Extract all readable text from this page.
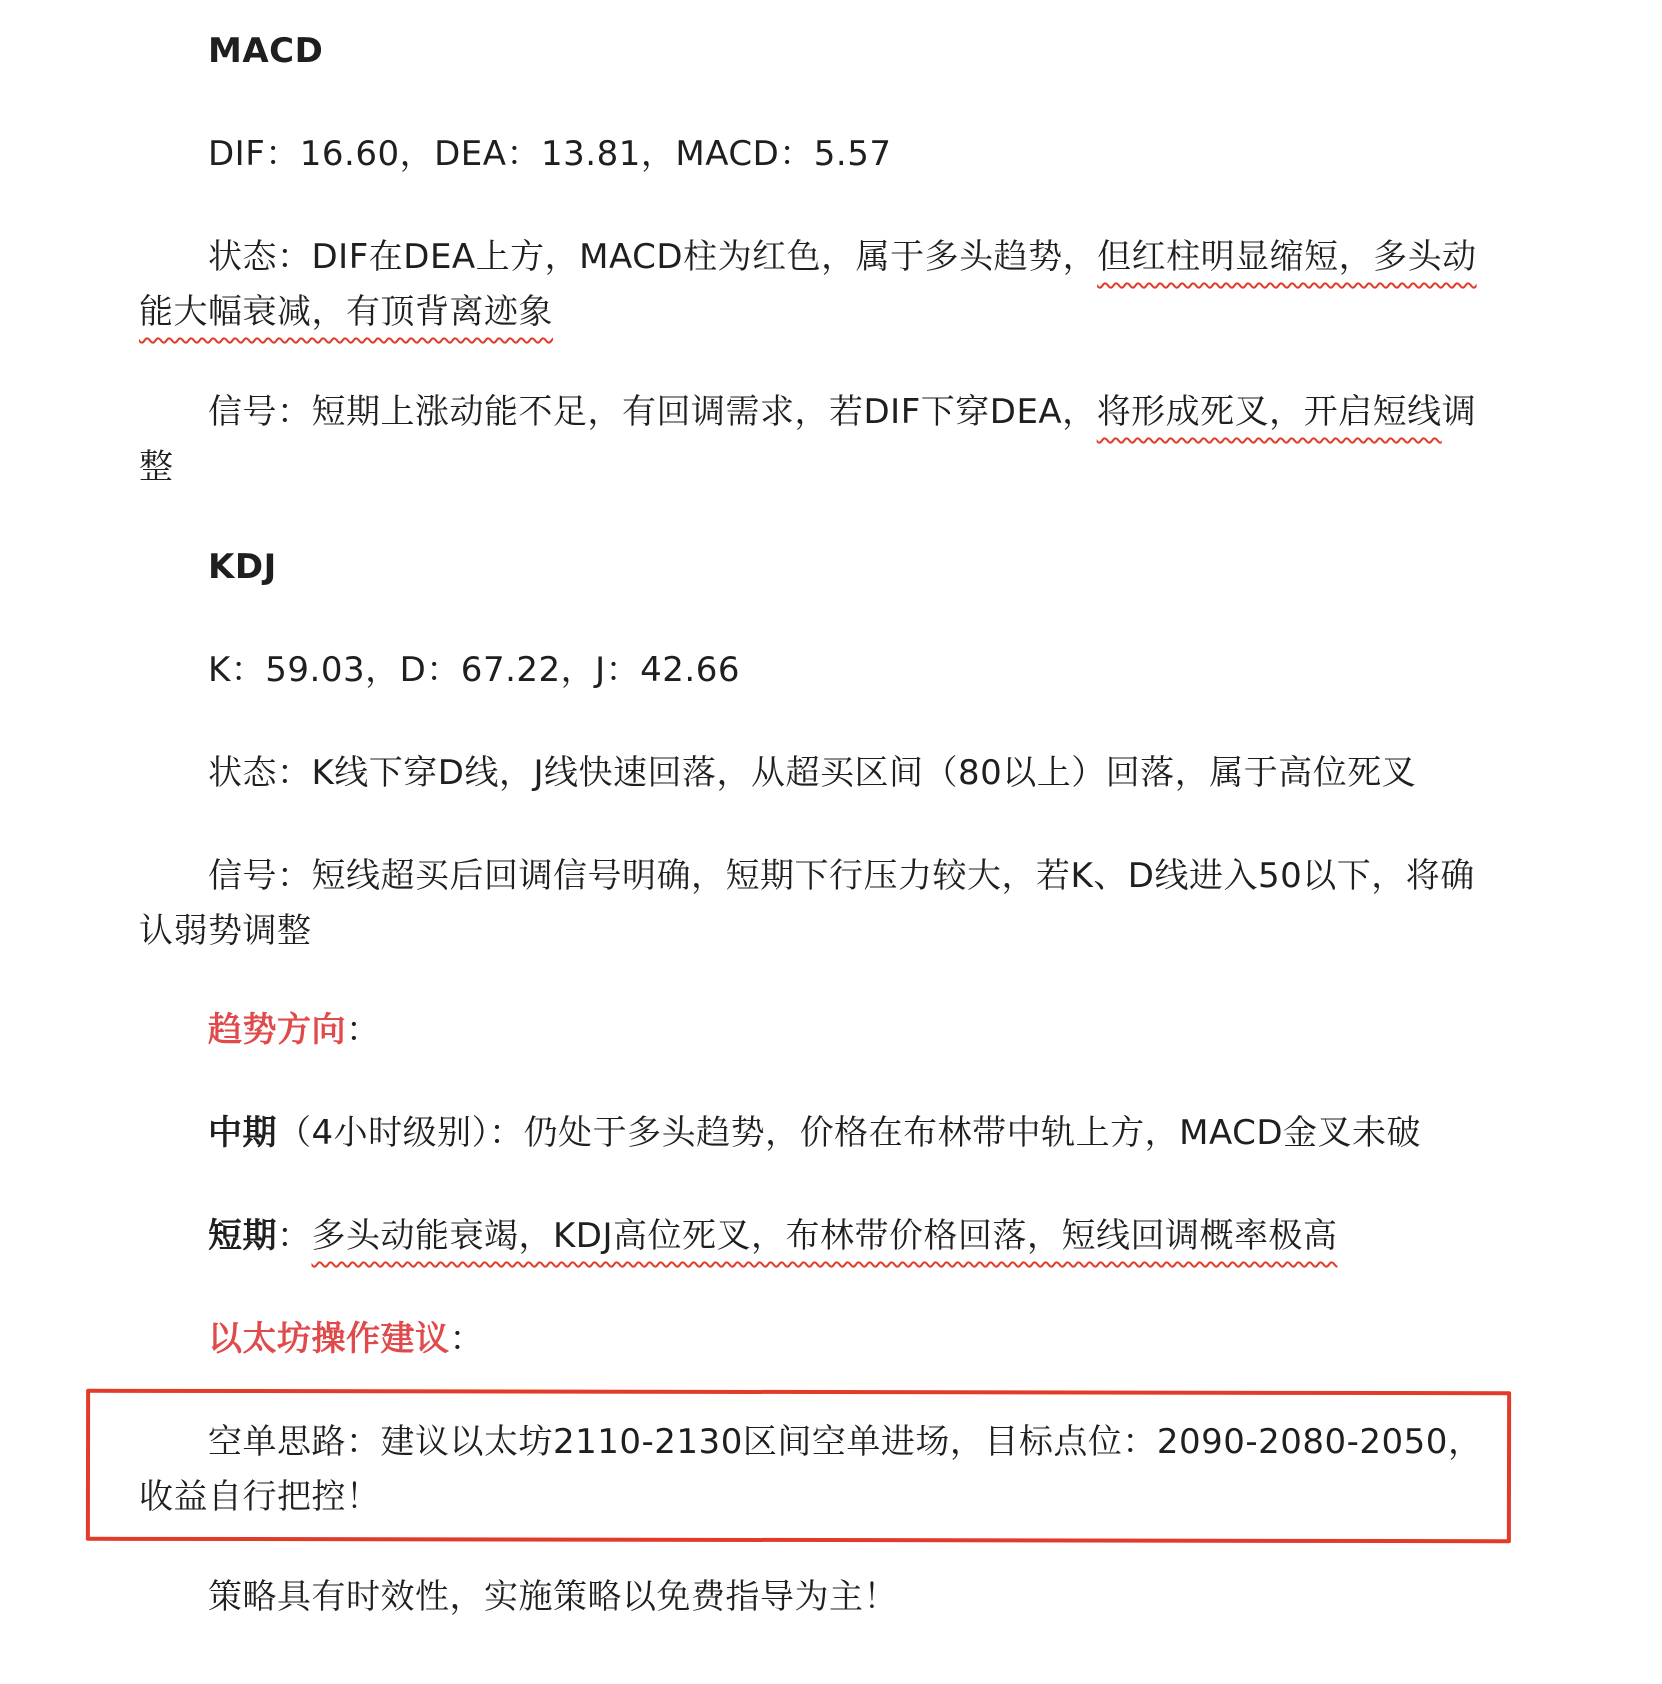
MACD

DIF：16.60，DEA：13.81，MACD：5.57

状态：DIF在DEA上方，MACD柱为红色，属于多头趋势，但红柱明显缩短，多头动能大幅衰减，有顶背离迹象

信号：短期上涨动能不足，有回调需求，若DIF下穿DEA，将形成死叉，开启短线调整

KDJ

K：59.03，D：67.22，J：42.66

状态：K线下穿D线，J线快速回落，从超买区间（80以上）回落，属于高位死叉

信号：短线超买后回调信号明确，短期下行压力较大，若K、D线进入50以下，将确认弱势调整

趋势方向：

中期（4小时级别）：仍处于多头趋势，价格在布林带中轨上方，MACD金叉未破

短期：多头动能衰竭，KDJ高位死叉，布林带价格回落，短线回调概率极高

以太坊操作建议：

空单思路：建议以太坊2110-2130区间空单进场，目标点位：2090-2080-2050，收益自行把控！

策略具有时效性，实施策略以免费指导为主！
